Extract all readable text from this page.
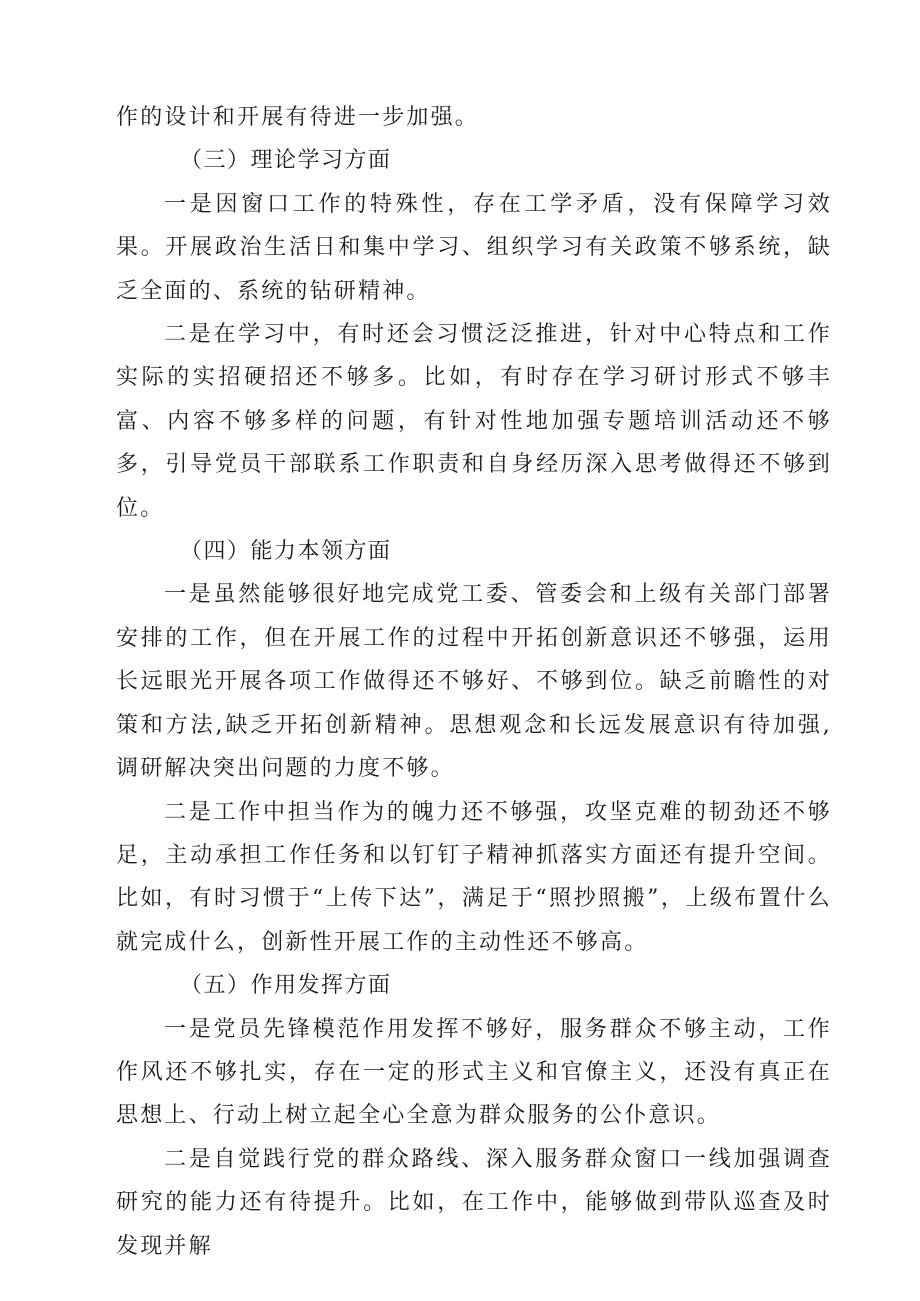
作的设计和开展有待进一步加强。

（三）理论学习方面

一是因窗口工作的特殊性，存在工学矛盾，没有保障学习效果。开展政治生活日和集中学习、组织学习有关政策不够系统，缺乏全面的、系统的钻研精神。

二是在学习中，有时还会习惯泛泛推进，针对中心特点和工作实际的实招硬招还不够多。比如，有时存在学习研讨形式不够丰富、内容不够多样的问题，有针对性地加强专题培训活动还不够多，引导党员干部联系工作职责和自身经历深入思考做得还不够到位。

（四）能力本领方面

一是虽然能够很好地完成党工委、管委会和上级有关部门部署安排的工作，但在开展工作的过程中开拓创新意识还不够强，运用长远眼光开展各项工作做得还不够好、不够到位。缺乏前瞻性的对策和方法,缺乏开拓创新精神。思想观念和长远发展意识有待加强,调研解决突出问题的力度不够。

二是工作中担当作为的魄力还不够强，攻坚克难的韧劲还不够足，主动承担工作任务和以钉钉子精神抓落实方面还有提升空间。比如，有时习惯于“上传下达”，满足于“照抄照搬”，上级布置什么就完成什么，创新性开展工作的主动性还不够高。

（五）作用发挥方面

一是党员先锋模范作用发挥不够好，服务群众不够主动，工作作风还不够扎实，存在一定的形式主义和官僚主义，还没有真正在思想上、行动上树立起全心全意为群众服务的公仆意识。

二是自觉践行党的群众路线、深入服务群众窗口一线加强调查研究的能力还有待提升。比如，在工作中，能够做到带队巡查及时发现并解
